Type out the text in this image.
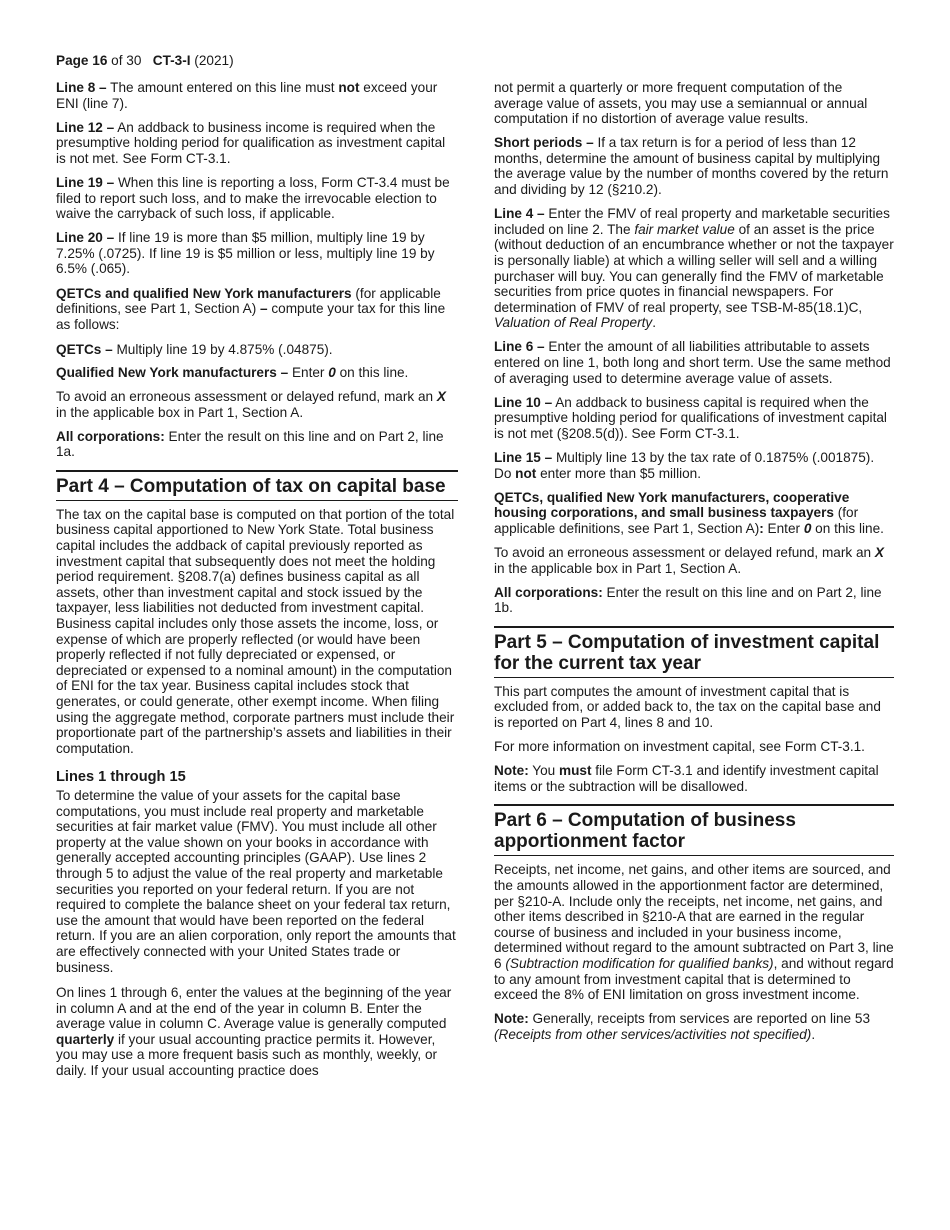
Page 16 of 30 CT-3-I (2021)

Line 8 – The amount entered on this line must not exceed your ENI (line 7).

Line 12 – An addback to business income is required when the presumptive holding period for qualification as investment capital is not met. See Form CT-3.1.

Line 19 – When this line is reporting a loss, Form CT-3.4 must be filed to report such loss, and to make the irrevocable election to waive the carryback of such loss, if applicable.

Line 20 – If line 19 is more than $5 million, multiply line 19 by 7.25% (.0725). If line 19 is $5 million or less, multiply line 19 by 6.5% (.065).

QETCs and qualified New York manufacturers (for applicable definitions, see Part 1, Section A) – compute your tax for this line as follows:

QETCs – Multiply line 19 by 4.875% (.04875).

Qualified New York manufacturers – Enter 0 on this line.

To avoid an erroneous assessment or delayed refund, mark an X in the applicable box in Part 1, Section A.

All corporations: Enter the result on this line and on Part 2, line 1a.

Part 4 – Computation of tax on capital base

The tax on the capital base is computed on that portion of the total business capital apportioned to New York State. Total business capital includes the addback of capital previously reported as investment capital that subsequently does not meet the holding period requirement. §208.7(a) defines business capital as all assets, other than investment capital and stock issued by the taxpayer, less liabilities not deducted from investment capital. Business capital includes only those assets the income, loss, or expense of which are properly reflected (or would have been properly reflected if not fully depreciated or expensed, or depreciated or expensed to a nominal amount) in the computation of ENI for the tax year. Business capital includes stock that generates, or could generate, other exempt income. When filing using the aggregate method, corporate partners must include their proportionate part of the partnership’s assets and liabilities in their computation.

Lines 1 through 15

To determine the value of your assets for the capital base computations, you must include real property and marketable securities at fair market value (FMV). You must include all other property at the value shown on your books in accordance with generally accepted accounting principles (GAAP). Use lines 2 through 5 to adjust the value of the real property and marketable securities you reported on your federal return. If you are not required to complete the balance sheet on your federal tax return, use the amount that would have been reported on the federal return. If you are an alien corporation, only report the amounts that are effectively connected with your United States trade or business.

On lines 1 through 6, enter the values at the beginning of the year in column A and at the end of the year in column B. Enter the average value in column C. Average value is generally computed quarterly if your usual accounting practice permits it. However, you may use a more frequent basis such as monthly, weekly, or daily. If your usual accounting practice does

not permit a quarterly or more frequent computation of the average value of assets, you may use a semiannual or annual computation if no distortion of average value results.

Short periods – If a tax return is for a period of less than 12 months, determine the amount of business capital by multiplying the average value by the number of months covered by the return and dividing by 12 (§210.2).

Line 4 – Enter the FMV of real property and marketable securities included on line 2. The fair market value of an asset is the price (without deduction of an encumbrance whether or not the taxpayer is personally liable) at which a willing seller will sell and a willing purchaser will buy. You can generally find the FMV of marketable securities from price quotes in financial newspapers. For determination of FMV of real property, see TSB-M-85(18.1)C, Valuation of Real Property.

Line 6 – Enter the amount of all liabilities attributable to assets entered on line 1, both long and short term. Use the same method of averaging used to determine average value of assets.

Line 10 – An addback to business capital is required when the presumptive holding period for qualifications of investment capital is not met (§208.5(d)). See Form CT-3.1.

Line 15 – Multiply line 13 by the tax rate of 0.1875% (.001875). Do not enter more than $5 million.

QETCs, qualified New York manufacturers, cooperative housing corporations, and small business taxpayers (for applicable definitions, see Part 1, Section A): Enter 0 on this line.

To avoid an erroneous assessment or delayed refund, mark an X in the applicable box in Part 1, Section A.

All corporations: Enter the result on this line and on Part 2, line 1b.

Part 5 – Computation of investment capital for the current tax year

This part computes the amount of investment capital that is excluded from, or added back to, the tax on the capital base and is reported on Part 4, lines 8 and 10.

For more information on investment capital, see Form CT-3.1.

Note: You must file Form CT-3.1 and identify investment capital items or the subtraction will be disallowed.

Part 6 – Computation of business apportionment factor

Receipts, net income, net gains, and other items are sourced, and the amounts allowed in the apportionment factor are determined, per §210-A. Include only the receipts, net income, net gains, and other items described in §210-A that are earned in the regular course of business and included in your business income, determined without regard to the amount subtracted on Part 3, line 6 (Subtraction modification for qualified banks), and without regard to any amount from investment capital that is determined to exceed the 8% of ENI limitation on gross investment income.

Note: Generally, receipts from services are reported on line 53 (Receipts from other services/activities not specified).
